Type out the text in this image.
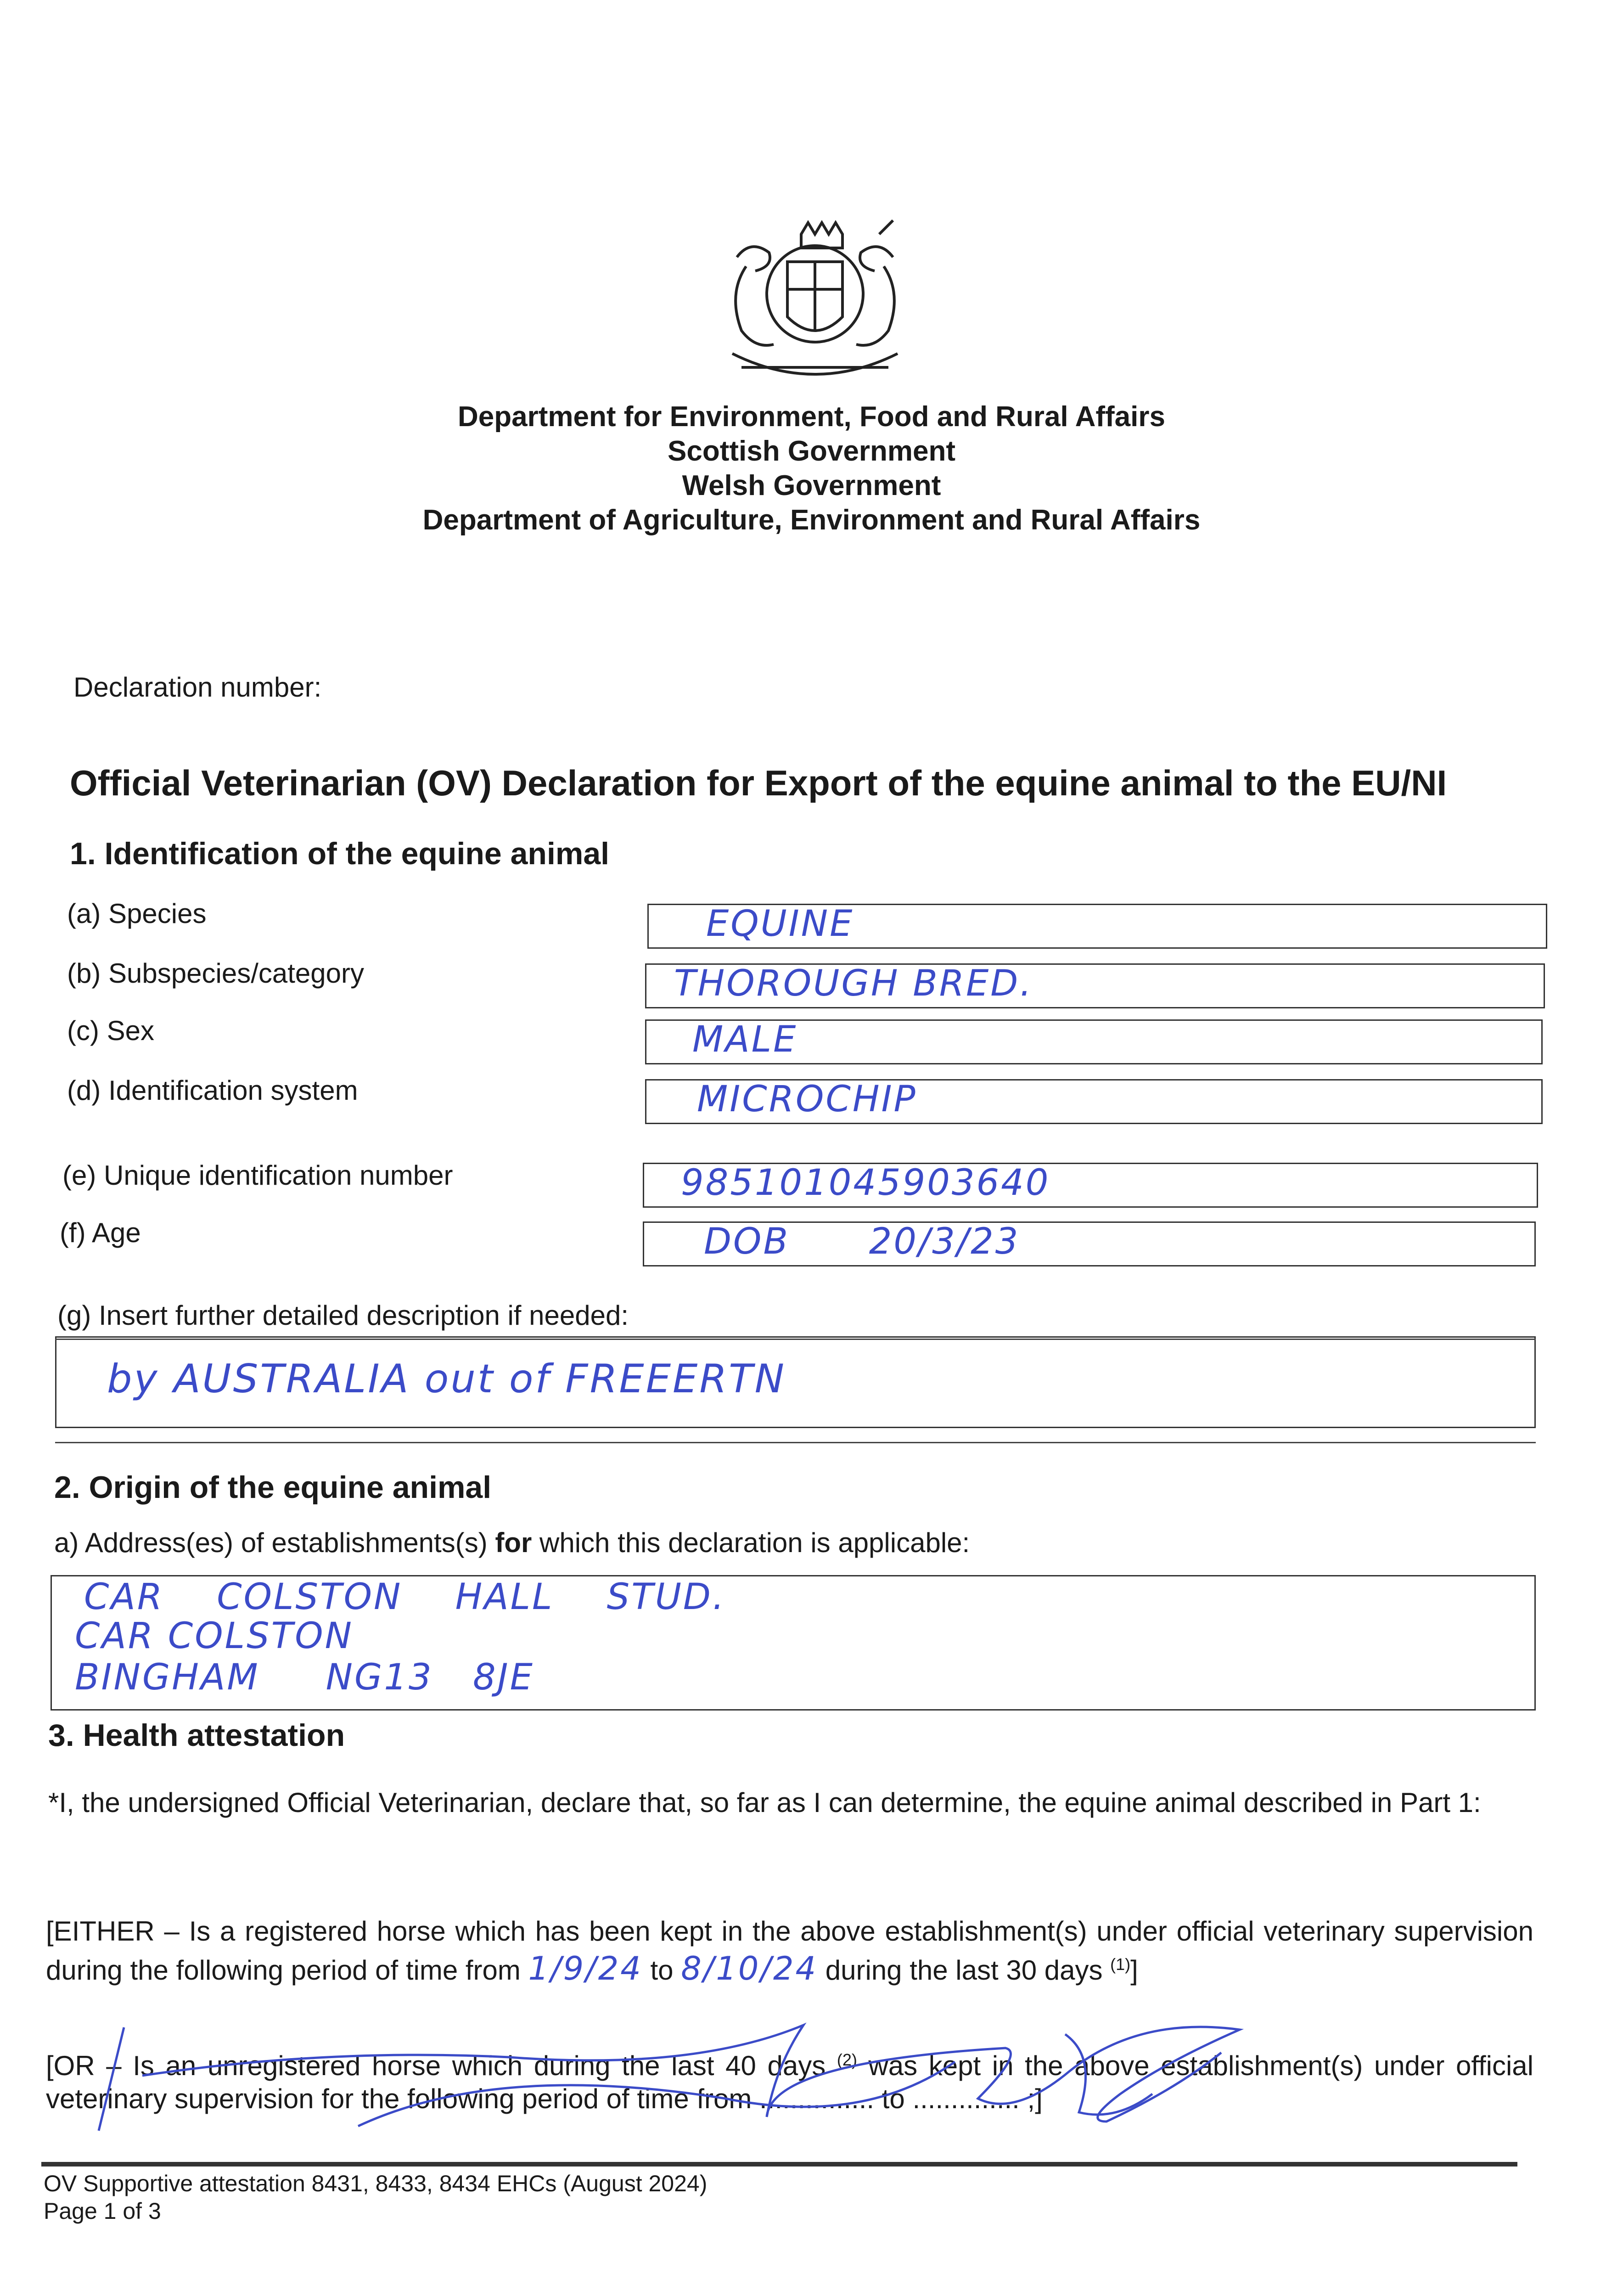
Department for Environment, Food and Rural Affairs
Scottish Government
Welsh Government
Department of Agriculture, Environment and Rural Affairs
Declaration number:
Official Veterinarian (OV) Declaration for Export of the equine animal to the EU/NI
1. Identification of the equine animal
(a) Species	EQUINE
(b) Subspecies/category	THOROUGH BRED.
(c) Sex	MALE
(d) Identification system	MICROCHIP
(e) Unique identification number	985101045903640
(f) Age	DOB      20/3/23
(g) Insert further detailed description if needed:
by AUSTRALIA out of FREEERTN
2. Origin of the equine animal
a) Address(es) of establishments(s) for which this declaration is applicable:
CAR    COLSTON    HALL    STUD.
CAR COLSTON
BINGHAM     NG13   8JE
3. Health attestation
*I, the undersigned Official Veterinarian, declare that, so far as I can determine, the equine animal described in Part 1:
[EITHER – Is a registered horse which has been kept in the above establishment(s) under official veterinary supervision during the following period of time from 1/9/24 to 8/10/24 during the last 30 days $^{(1)}$]
[OR – Is an unregistered horse which during the last 40 days $^{(2)}$ was kept in the above establishment(s) under official veterinary supervision for the following period of time from ............... to .............. ;]
OV Supportive attestation 8431, 8433, 8434 EHCs (August 2024)
Page 1 of 3
